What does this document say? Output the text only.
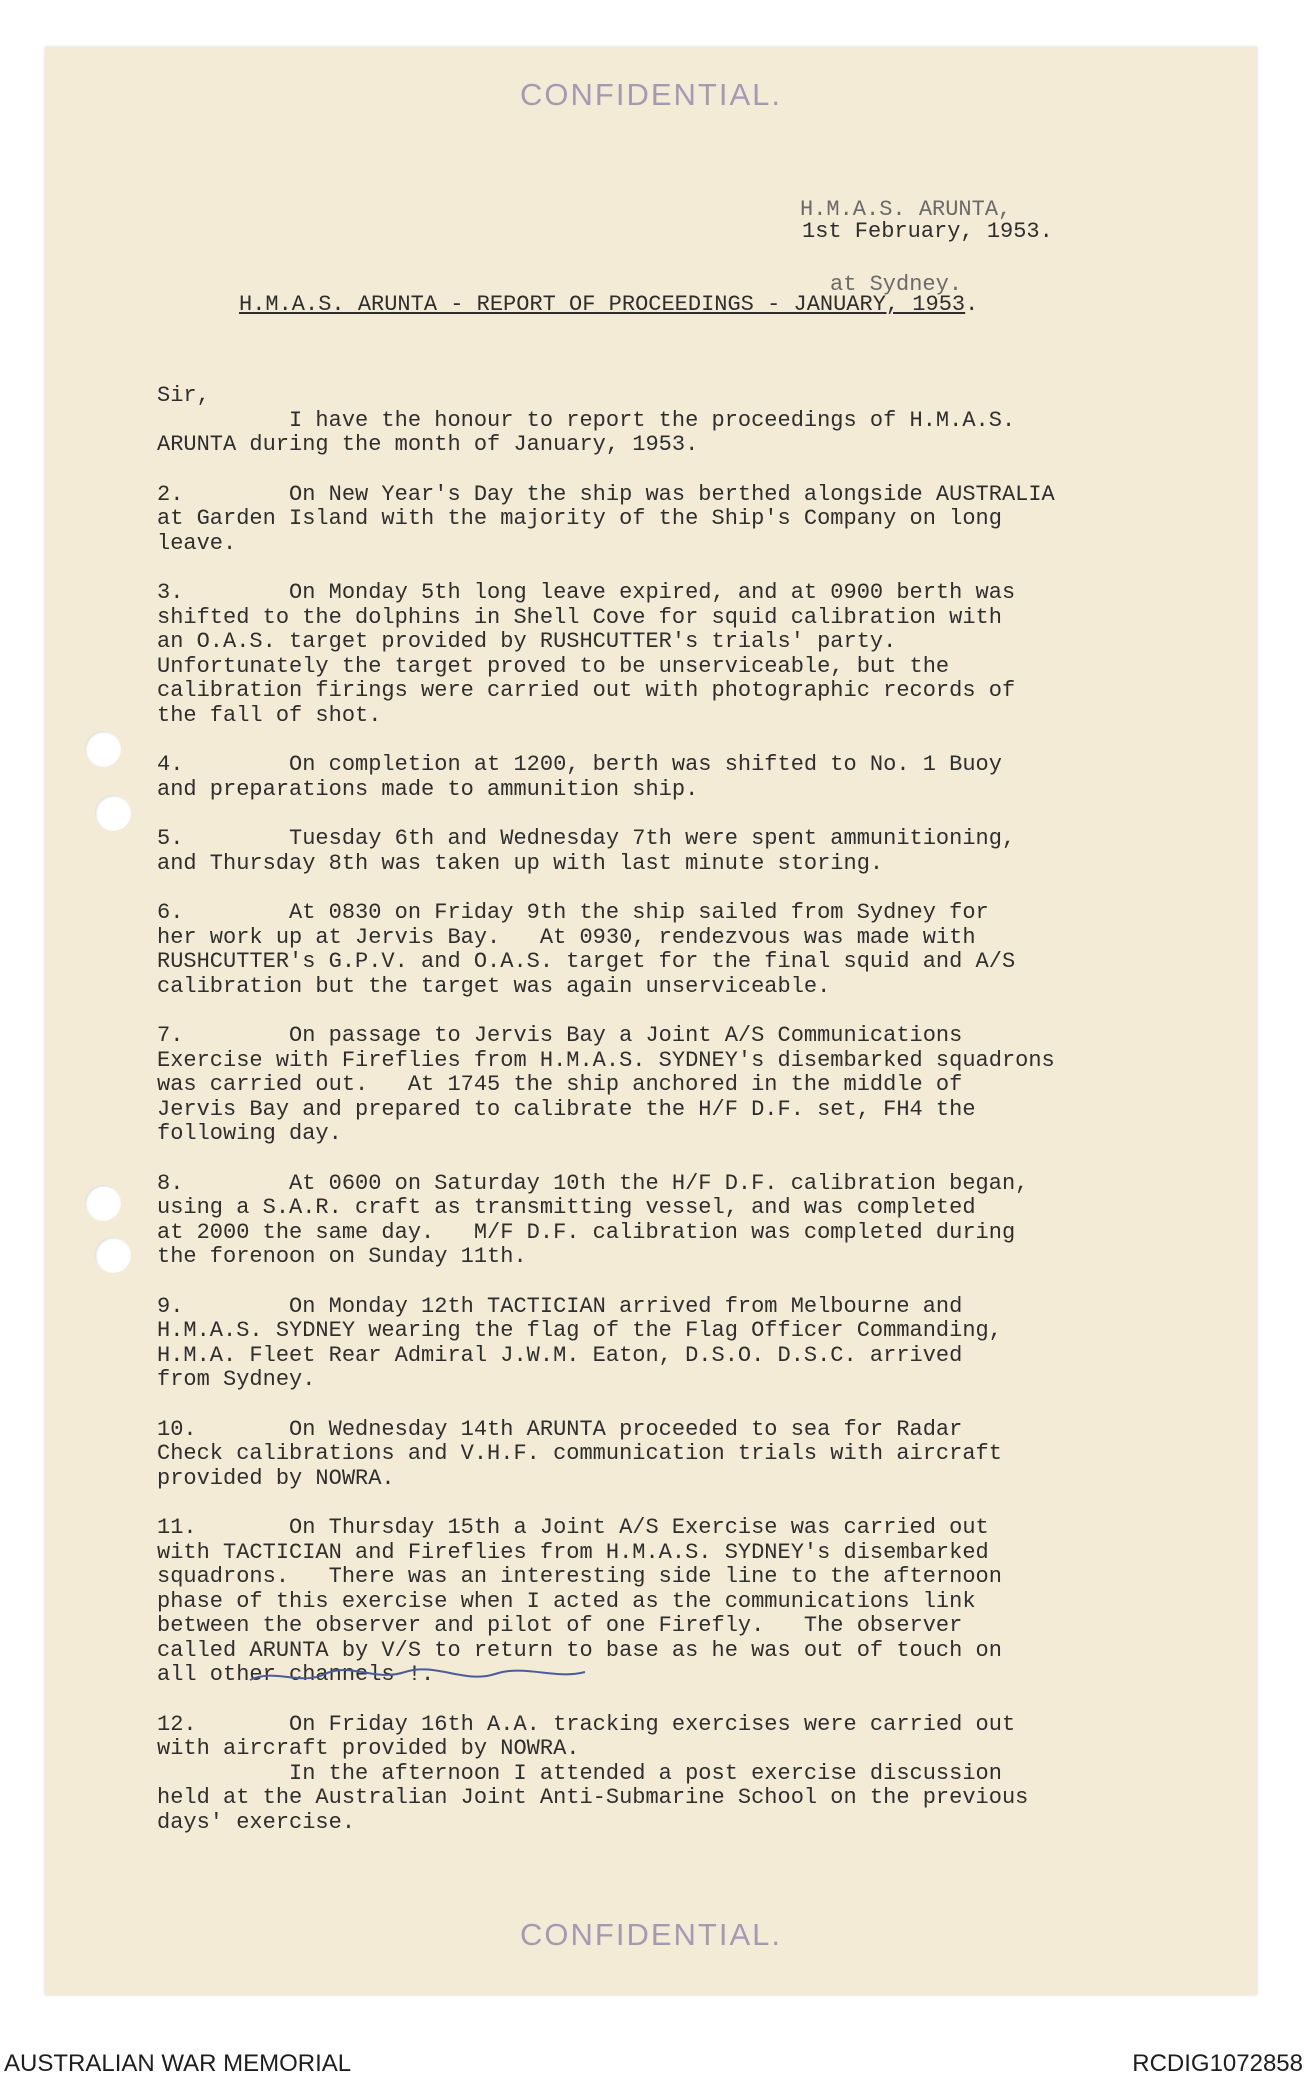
CONFIDENTIAL.

H.M.A.S. ARUNTA,

at Sydney.

1st February, 1953.
H.M.A.S. ARUNTA - REPORT OF PROCEEDINGS - JANUARY, 1953.

Sir,

I have the honour to report the proceedings of H.M.A.S.
ARUNTA during the month of January, 1953.

2.        On New Year's Day the ship was berthed alongside AUSTRALIA
at Garden Island with the majority of the Ship's Company on long
leave.

3.        On Monday 5th long leave expired, and at 0900 berth was
shifted to the dolphins in Shell Cove for squid calibration with
an O.A.S. target provided by RUSHCUTTER's trials' party.
Unfortunately the target proved to be unserviceable, but the
calibration firings were carried out with photographic records of
the fall of shot.

4.        On completion at 1200, berth was shifted to No. 1 Buoy
and preparations made to ammunition ship.

5.        Tuesday 6th and Wednesday 7th were spent ammunitioning,
and Thursday 8th was taken up with last minute storing.

6.        At 0830 on Friday 9th the ship sailed from Sydney for
her work up at Jervis Bay.   At 0930, rendezvous was made with
RUSHCUTTER's G.P.V. and O.A.S. target for the final squid and A/S
calibration but the target was again unserviceable.

7.        On passage to Jervis Bay a Joint A/S Communications
Exercise with Fireflies from H.M.A.S. SYDNEY's disembarked squadrons
was carried out.   At 1745 the ship anchored in the middle of
Jervis Bay and prepared to calibrate the H/F D.F. set, FH4 the
following day.

8.        At 0600 on Saturday 10th the H/F D.F. calibration began,
using a S.A.R. craft as transmitting vessel, and was completed
at 2000 the same day.   M/F D.F. calibration was completed during
the forenoon on Sunday 11th.

9.        On Monday 12th TACTICIAN arrived from Melbourne and
H.M.A.S. SYDNEY wearing the flag of the Flag Officer Commanding,
H.M.A. Fleet Rear Admiral J.W.M. Eaton, D.S.O. D.S.C. arrived
from Sydney.

10.       On Wednesday 14th ARUNTA proceeded to sea for Radar
Check calibrations and V.H.F. communication trials with aircraft
provided by NOWRA.

11.       On Thursday 15th a Joint A/S Exercise was carried out
with TACTICIAN and Fireflies from H.M.A.S. SYDNEY's disembarked
squadrons.   There was an interesting side line to the afternoon
phase of this exercise when I acted as the communications link
between the observer and pilot of one Firefly.   The observer
called ARUNTA by V/S to return to base as he was out of touch on
all other channels !.

12.       On Friday 16th A.A. tracking exercises were carried out
with aircraft provided by NOWRA.
In the afternoon I attended a post exercise discussion
held at the Australian Joint Anti-Submarine School on the previous
days' exercise.

CONFIDENTIAL.
AUSTRALIAN WAR MEMORIAL	RCDIG1072858
